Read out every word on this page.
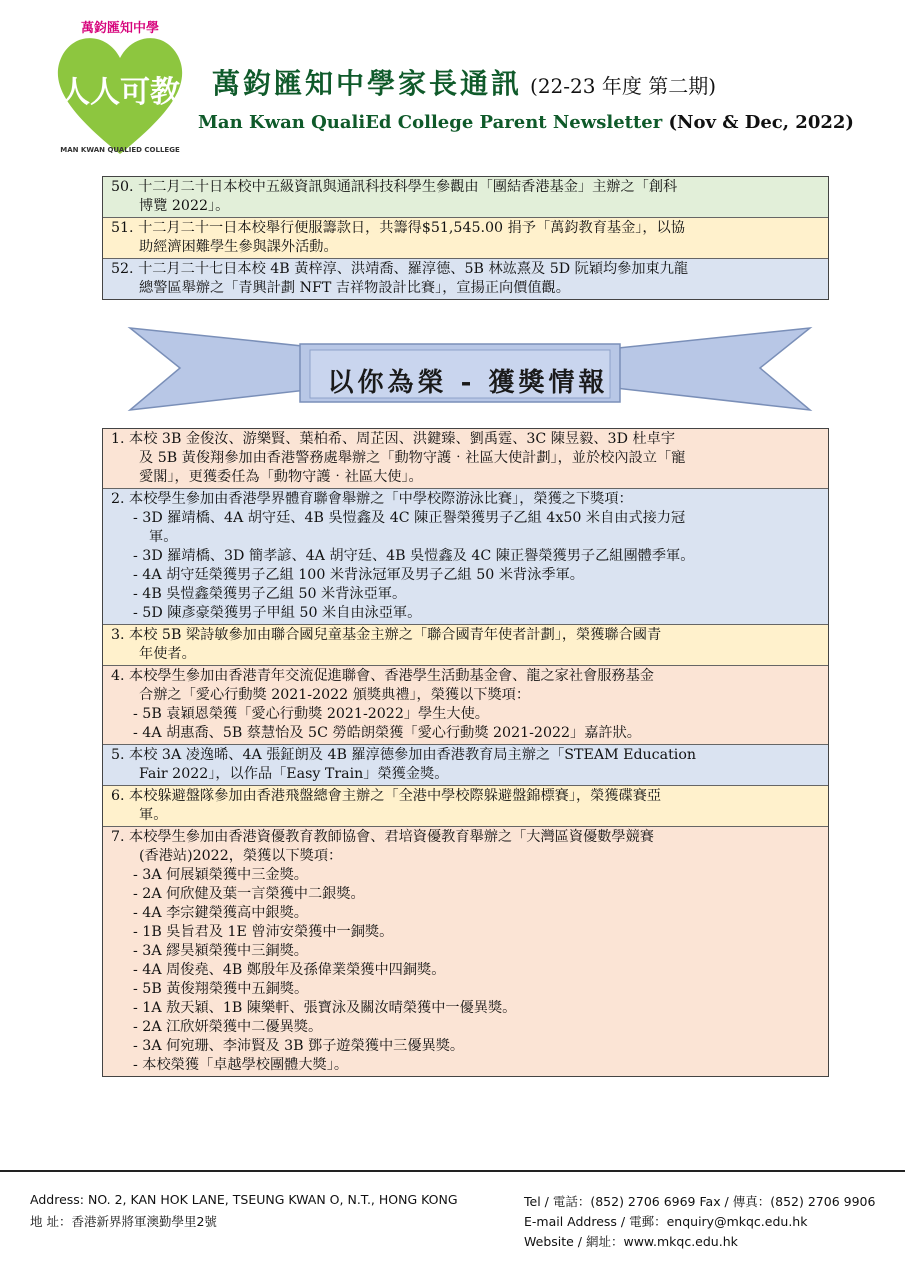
人人可教
萬鈞匯知中學
MAN KWAN QUALIED COLLEGE
萬鈞匯知中學家長通訊 (22-23 年度 第二期)
Man Kwan QualiEd College Parent Newsletter (Nov & Dec, 2022)
50. 十二月二十日本校中五級資訊與通訊科技科學生參觀由「團結香港基金」主辦之「創科
博覽 2022」。
51. 十二月二十一日本校舉行便服籌款日，共籌得$51,545.00 捐予「萬鈞教育基金」，以協
助經濟困難學生參與課外活動。
52. 十二月二十七日本校 4B 黃梓淳、洪靖喬、羅淳德、5B 林竑熹及 5D 阮穎均參加東九龍
總警區舉辦之「青興計劃 NFT 吉祥物設計比賽」，宣揚正向價值觀。
以你為榮 - 獲獎情報
1. 本校 3B 金俊汝、游樂賢、葉柏希、周芷因、洪鍵臻、劉禹霆、3C 陳昱毅、3D 杜卓宇
及 5B 黃俊翔參加由香港警務處舉辦之「動物守護‧社區大使計劃」，並於校內設立「寵
愛閣」，更獲委任為「動物守護‧社區大使」。
2. 本校學生參加由香港學界體育聯會舉辦之「中學校際游泳比賽」，榮獲之下獎項：
- 3D 羅靖橋、4A 胡守廷、4B 吳愷鑫及 4C 陳正譽榮獲男子乙組 4x50 米自由式接力冠
軍。
- 3D 羅靖橋、3D 簡孝諺、4A 胡守廷、4B 吳愷鑫及 4C 陳正譽榮獲男子乙組團體季軍。
- 4A 胡守廷榮獲男子乙組 100 米背泳冠軍及男子乙組 50 米背泳季軍。
- 4B 吳愷鑫榮獲男子乙組 50 米背泳亞軍。
- 5D 陳彥豪榮獲男子甲組 50 米自由泳亞軍。
3. 本校 5B 梁詩敏參加由聯合國兒童基金主辦之「聯合國青年使者計劃」，榮獲聯合國青
年使者。
4. 本校學生參加由香港青年交流促進聯會、香港學生活動基金會、龍之家社會服務基金
合辦之「愛心行動獎 2021-2022 頒獎典禮」，榮獲以下獎項：
- 5B 袁穎恩榮獲「愛心行動獎 2021-2022」學生大使。
- 4A 胡惠喬、5B 蔡慧怡及 5C 勞皓朗榮獲「愛心行動獎 2021-2022」嘉許狀。
5. 本校 3A 凌逸晞、4A 張鉦朗及 4B 羅淳德參加由香港教育局主辦之「STEAM Education
Fair 2022」，以作品「Easy Train」榮獲金獎。
6. 本校躲避盤隊參加由香港飛盤總會主辦之「全港中學校際躲避盤錦標賽」，榮獲碟賽亞
軍。
7. 本校學生參加由香港資優教育教師協會、君培資優教育舉辦之「大灣區資優數學競賽
(香港站)2022，榮獲以下獎項：
- 3A 何展穎榮獲中三金獎。
- 2A 何欣健及葉一言榮獲中二銀獎。
- 4A 李宗鍵榮獲高中銀獎。
- 1B 吳旨君及 1E 曾沛安榮獲中一銅獎。
- 3A 繆昊潁榮獲中三銅獎。
- 4A 周俊堯、4B 鄭殷年及孫偉業榮獲中四銅獎。
- 5B 黃俊翔榮獲中五銅獎。
- 1A 敖天穎、1B 陳樂軒、張寶泳及關汝晴榮獲中一優異獎。
- 2A 江欣妍榮獲中二優異獎。
- 3A 何宛珊、李沛賢及 3B 鄧子遊榮獲中三優異獎。
- 本校榮獲「卓越學校團體大獎」。
Address: NO. 2, KAN HOK LANE, TSEUNG KWAN O, N.T., HONG KONG
地 址：香港新界將軍澳勤學里2號
Tel / 電話：(852) 2706 6969 Fax / 傳真：(852) 2706 9906
E-mail Address / 電郵：enquiry@mkqc.edu.hk
Website / 網址：www.mkqc.edu.hk
